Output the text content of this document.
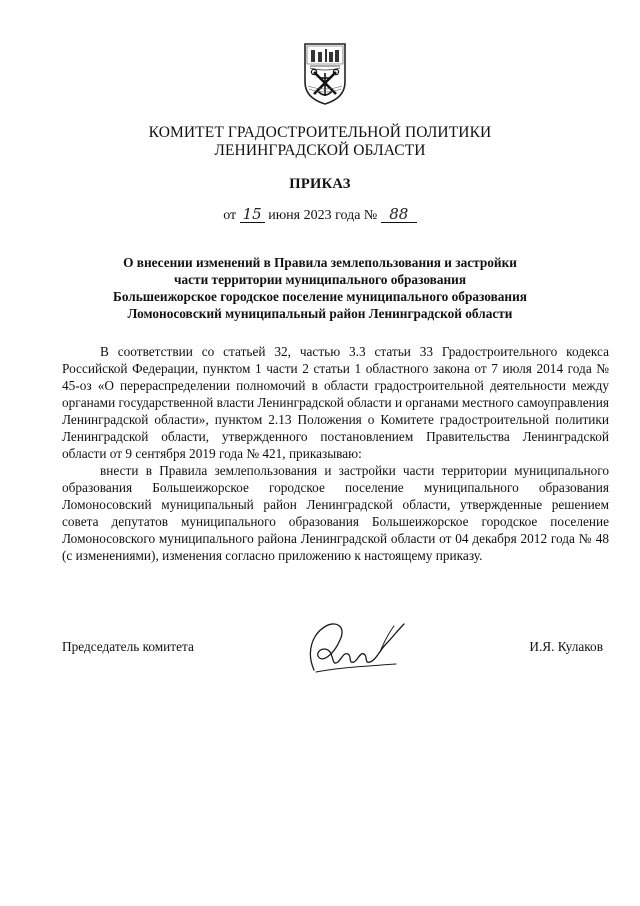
КОМИТЕТ ГРАДОСТРОИТЕЛЬНОЙ ПОЛИТИКИ
ЛЕНИНГРАДСКОЙ ОБЛАСТИ
ПРИКАЗ
от 15 июня 2023 года № 88
О внесении изменений в Правила землепользования и застройки
части территории муниципального образования
Большеижорское городское поселение муниципального образования
Ломоносовский муниципальный район Ленинградской области

В соответствии со статьей 32, частью 3.3 статьи 33 Градостроительного кодекса Российской Федерации, пунктом 1 части 2 статьи 1 областного закона от 7 июля 2014 года № 45-оз «О перераспределении полномочий в области градостроительной деятельности между органами государственной власти Ленинградской области и органами местного самоуправления Ленинградской области», пунктом 2.13 Положения о Комитете градостроительной политики Ленинградской области, утвержденного постановлением Правительства Ленинградской области от 9 сентября 2019 года № 421, приказываю:

внести в Правила землепользования и застройки части территории муниципального образования Большеижорское городское поселение муниципального образования Ломоносовский муниципальный район Ленинградской области, утвержденные решением совета депутатов муниципального образования Большеижорское городское поселение Ломоносовского муниципального района Ленинградской области от 04 декабря 2012 года № 48 (с изменениями), изменения согласно приложению к настоящему приказу.

Председатель комитета	И.Я. Кулаков
